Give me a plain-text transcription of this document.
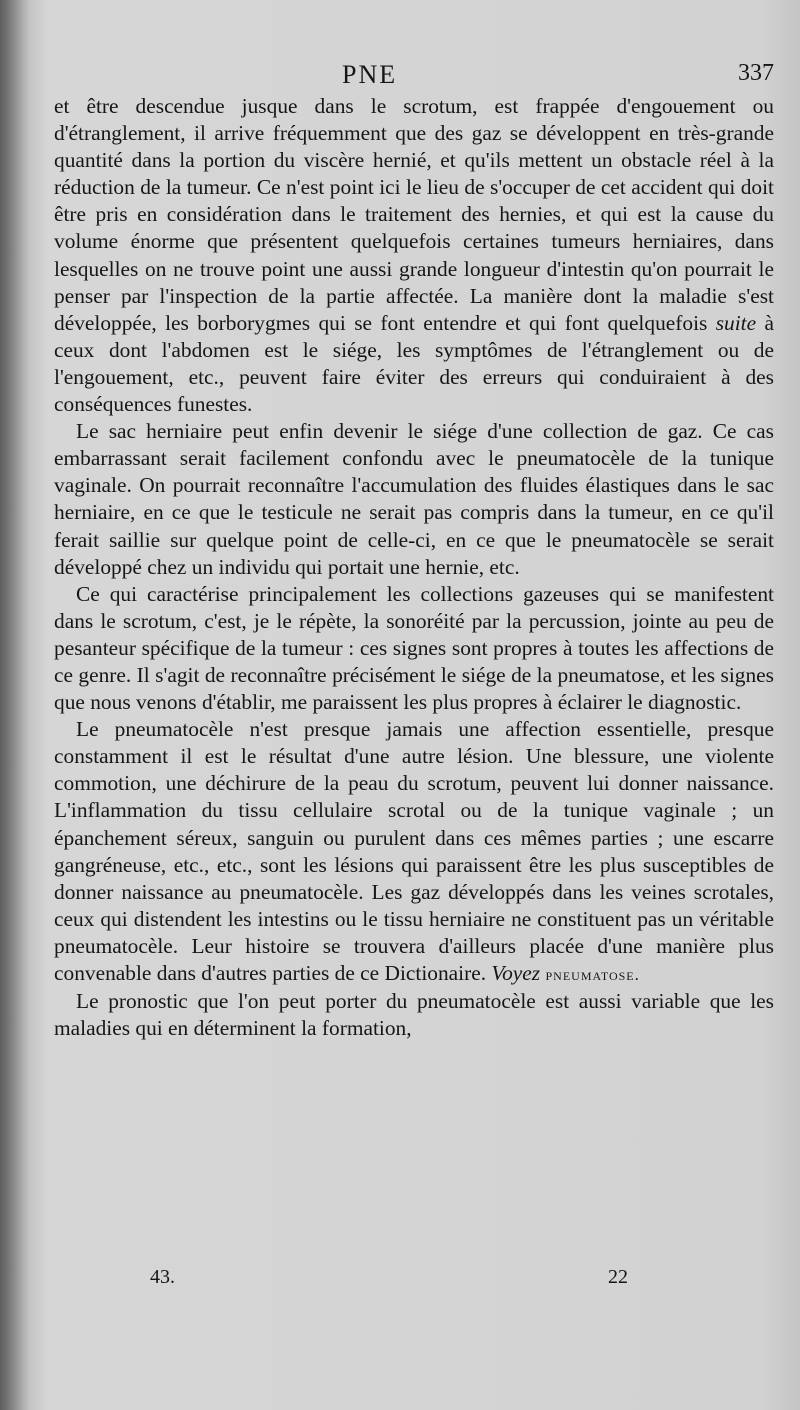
PNE	337

et être descendue jusque dans le scrotum, est frappée d'engouement ou d'étranglement, il arrive fréquemment que des gaz se développent en très-grande quantité dans la portion du viscère hernié, et qu'ils mettent un obstacle réel à la réduction de la tumeur. Ce n'est point ici le lieu de s'occuper de cet accident qui doit être pris en considération dans le traitement des hernies, et qui est la cause du volume énorme que présentent quelquefois certaines tumeurs herniaires, dans lesquelles on ne trouve point une aussi grande longueur d'intestin qu'on pourrait le penser par l'inspection de la partie affectée. La manière dont la maladie s'est développée, les borborygmes qui se font entendre et qui font quelquefois suite à ceux dont l'abdomen est le siége, les symptômes de l'étranglement ou de l'engouement, etc., peuvent faire éviter des erreurs qui conduiraient à des conséquences funestes.

Le sac herniaire peut enfin devenir le siége d'une collection de gaz. Ce cas embarrassant serait facilement confondu avec le pneumatocèle de la tunique vaginale. On pourrait reconnaître l'accumulation des fluides élastiques dans le sac herniaire, en ce que le testicule ne serait pas compris dans la tumeur, en ce qu'il ferait saillie sur quelque point de celle-ci, en ce que le pneumatocèle se serait développé chez un individu qui portait une hernie, etc.

Ce qui caractérise principalement les collections gazeuses qui se manifestent dans le scrotum, c'est, je le répète, la sonoréité par la percussion, jointe au peu de pesanteur spécifique de la tumeur : ces signes sont propres à toutes les affections de ce genre. Il s'agit de reconnaître précisément le siége de la pneumatose, et les signes que nous venons d'établir, me paraissent les plus propres à éclairer le diagnostic.

Le pneumatocèle n'est presque jamais une affection essentielle, presque constamment il est le résultat d'une autre lésion. Une blessure, une violente commotion, une déchirure de la peau du scrotum, peuvent lui donner naissance. L'inflammation du tissu cellulaire scrotal ou de la tunique vaginale ; un épanchement séreux, sanguin ou purulent dans ces mêmes parties ; une escarre gangréneuse, etc., etc., sont les lésions qui paraissent être les plus susceptibles de donner naissance au pneumatocèle. Les gaz développés dans les veines scrotales, ceux qui distendent les intestins ou le tissu herniaire ne constituent pas un véritable pneumatocèle. Leur histoire se trouvera d'ailleurs placée d'une manière plus convenable dans d'autres parties de ce Dictionaire. Voyez pneumatose.

Le pronostic que l'on peut porter du pneumatocèle est aussi variable que les maladies qui en déterminent la formation,

43.	22
